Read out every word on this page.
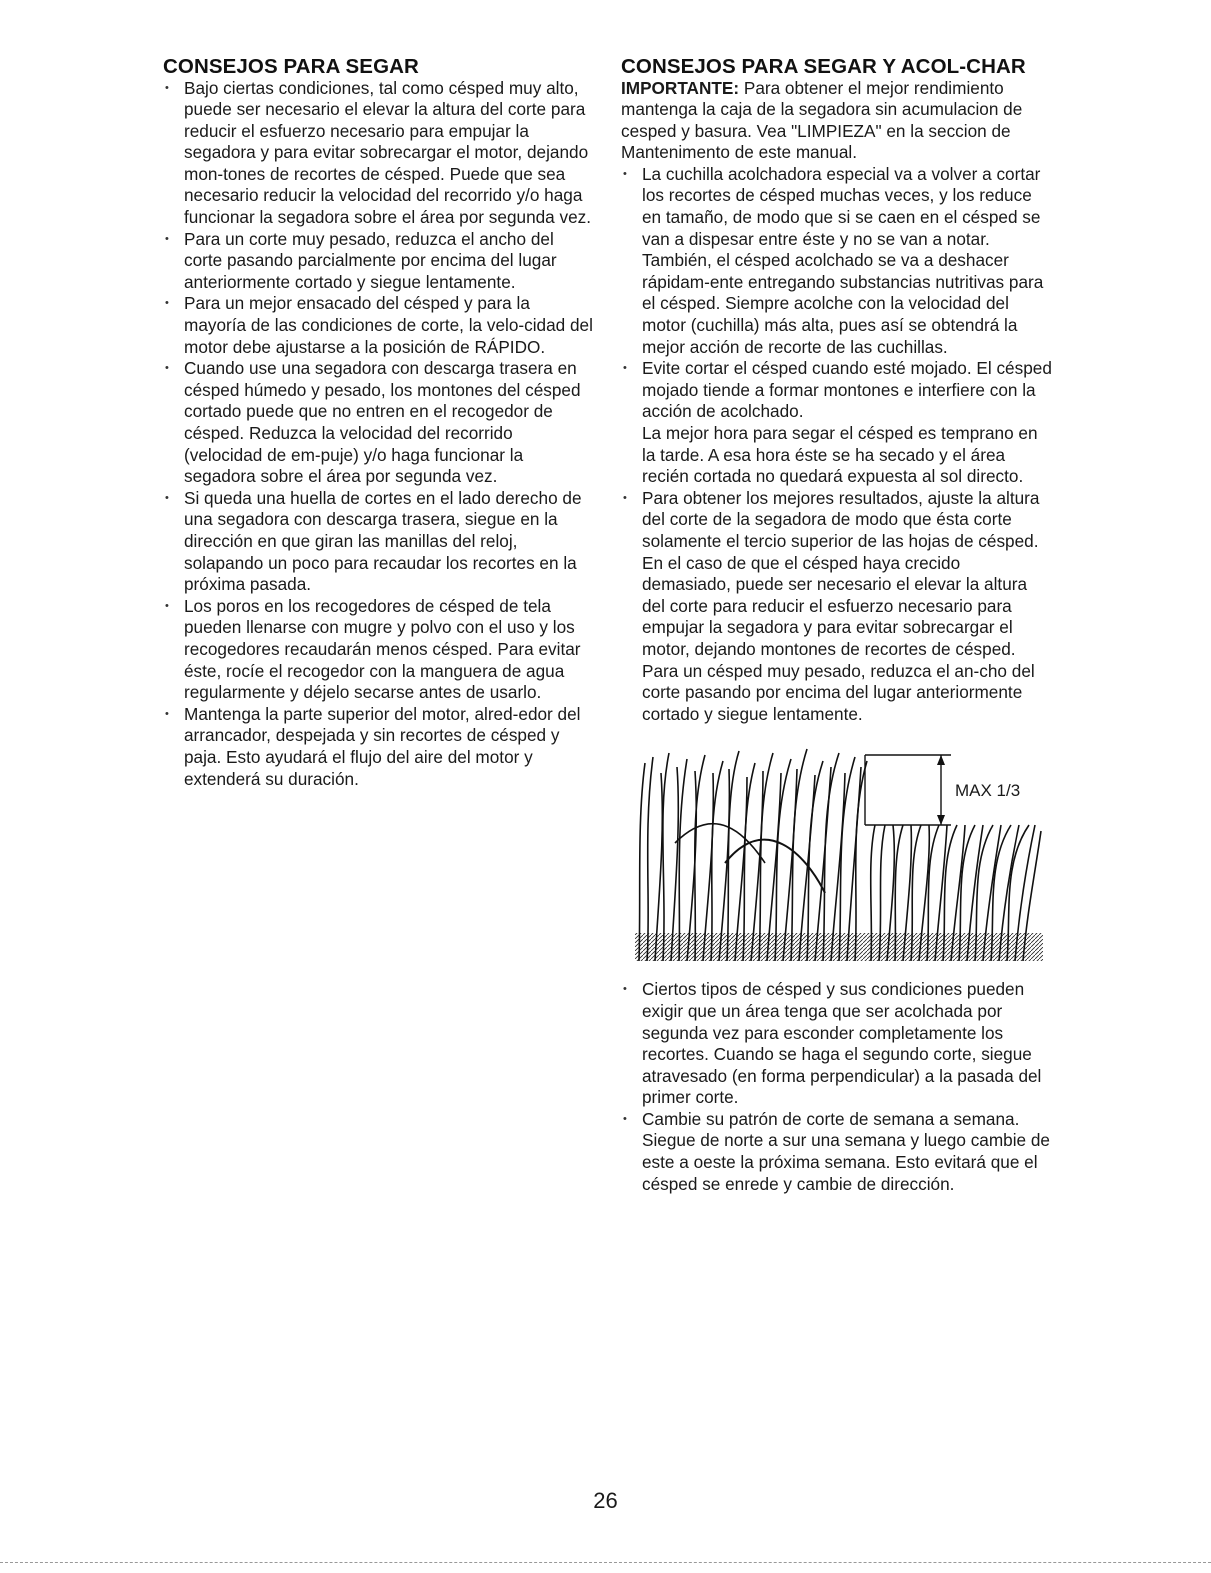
CONSEJOS PARA SEGAR

• Bajo ciertas condiciones, tal como césped muy alto, puede ser necesario el elevar la altura del corte para reducir el esfuerzo necesario para empujar la segadora y para evitar sobrecargar el motor, dejando mon-tones de recortes de césped. Puede que sea necesario reducir la velocidad del recorrido y/o haga funcionar la segadora sobre el área por segunda vez.

• Para un corte muy pesado, reduzca el ancho del corte pasando parcialmente por encima del lugar anteriormente cortado y siegue lentamente.

• Para un mejor ensacado del césped y para la mayoría de las condiciones de corte, la velo-cidad del motor debe ajustarse a la posición de RÁPIDO.

• Cuando use una segadora con descarga trasera en césped húmedo y pesado, los montones del césped cortado puede que no entren en el recogedor de césped. Reduzca la velocidad del recorrido (velocidad de em-puje) y/o haga funcionar la segadora sobre el área por segunda vez.

• Si queda una huella de cortes en el lado derecho de una segadora con descarga trasera, siegue en la dirección en que giran las manillas del reloj, solapando un poco para recaudar los recortes en la próxima pasada.

• Los poros en los recogedores de césped de tela pueden llenarse con mugre y polvo con el uso y los recogedores recaudarán menos césped. Para evitar éste, rocíe el recogedor con la manguera de agua regularmente y déjelo secarse antes de usarlo.

• Mantenga la parte superior del motor, alred-edor del arrancador, despejada y sin recortes de césped y paja. Esto ayudará el flujo del aire del motor y extenderá su duración.

CONSEJOS PARA SEGAR Y ACOL-CHAR

IMPORTANTE: Para obtener el mejor rendimiento mantenga la caja de la segadora sin acumulacion de cesped y basura. Vea "LIMPIEZA" en la seccion de Mantenimento de este manual.

• La cuchilla acolchadora especial va a volver a cortar los recortes de césped muchas veces, y los reduce en tamaño, de modo que si se caen en el césped se van a dispesar entre éste y no se van a notar. También, el césped acolchado se va a deshacer rápidam-ente entregando substancias nutritivas para el césped. Siempre acolche con la velocidad del motor (cuchilla) más alta, pues así se obtendrá la mejor acción de recorte de las cuchillas.

• Evite cortar el césped cuando esté mojado. El césped mojado tiende a formar montones e interfiere con la acción de acolchado.

La mejor hora para segar el césped es temprano en la tarde. A esa hora éste se ha secado y el área recién cortada no quedará expuesta al sol directo.

• Para obtener los mejores resultados, ajuste la altura del corte de la segadora de modo que ésta corte solamente el tercio superior de las hojas de césped. En el caso de que el césped haya crecido demasiado, puede ser necesario el elevar la altura del corte para reducir el esfuerzo necesario para empujar la segadora y para evitar sobrecargar el motor, dejando montones de recortes de césped.

Para un césped muy pesado, reduzca el an-cho del corte pasando por encima del lugar anteriormente cortado y siegue lentamente.

MAX 1/3

• Ciertos tipos de césped y sus condiciones pueden exigir que un área tenga que ser acolchada por segunda vez para esconder completamente los recortes. Cuando se haga el segundo corte, siegue atravesado (en forma perpendicular) a la pasada del primer corte.

• Cambie su patrón de corte de semana a semana. Siegue de norte a sur una semana y luego cambie de este a oeste la próxima semana. Esto evitará que el césped se enrede y cambie de dirección.

26
